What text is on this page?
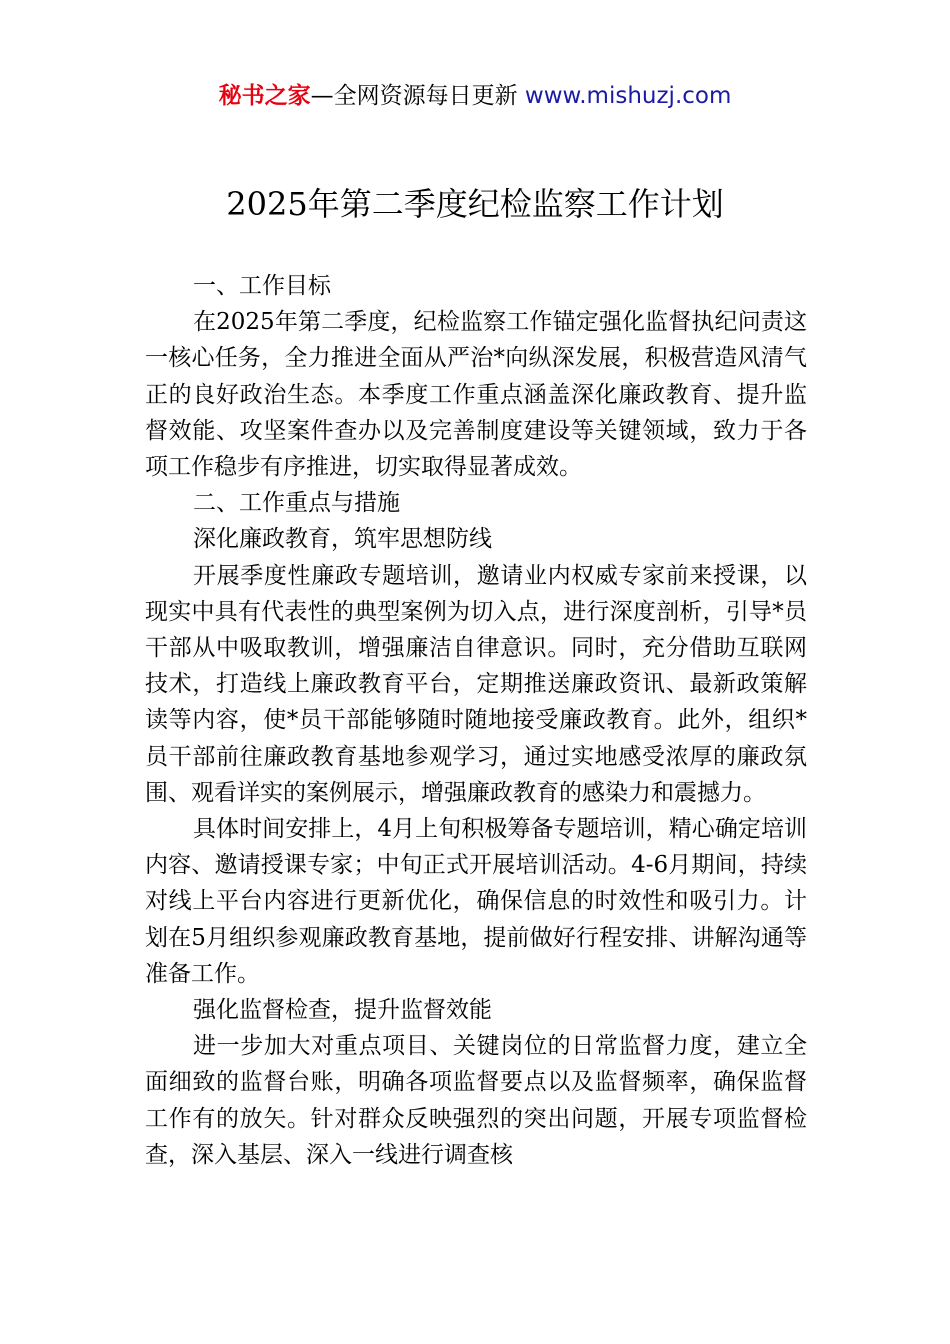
秘书之家—全网资源每日更新 www.mishuzj.com
2025年第二季度纪检监察工作计划

一、工作目标

在2025年第二季度，纪检监察工作锚定强化监督执纪问责这一核心任务，全力推进全面从严治*向纵深发展，积极营造风清气正的良好政治生态。本季度工作重点涵盖深化廉政教育、提升监督效能、攻坚案件查办以及完善制度建设等关键领域，致力于各项工作稳步有序推进，切实取得显著成效。

二、工作重点与措施

深化廉政教育，筑牢思想防线

开展季度性廉政专题培训，邀请业内权威专家前来授课，以现实中具有代表性的典型案例为切入点，进行深度剖析，引导*员干部从中吸取教训，增强廉洁自律意识。同时，充分借助互联网技术，打造线上廉政教育平台，定期推送廉政资讯、最新政策解读等内容，使*员干部能够随时随地接受廉政教育。此外，组织*员干部前往廉政教育基地参观学习，通过实地感受浓厚的廉政氛围、观看详实的案例展示，增强廉政教育的感染力和震撼力。

具体时间安排上，4月上旬积极筹备专题培训，精心确定培训内容、邀请授课专家；中旬正式开展培训活动。4-6月期间，持续对线上平台内容进行更新优化，确保信息的时效性和吸引力。计划在5月组织参观廉政教育基地，提前做好行程安排、讲解沟通等准备工作。

强化监督检查，提升监督效能

进一步加大对重点项目、关键岗位的日常监督力度，建立全面细致的监督台账，明确各项监督要点以及监督频率，确保监督工作有的放矢。针对群众反映强烈的突出问题，开展专项监督检查，深入基层、深入一线进行调查核
